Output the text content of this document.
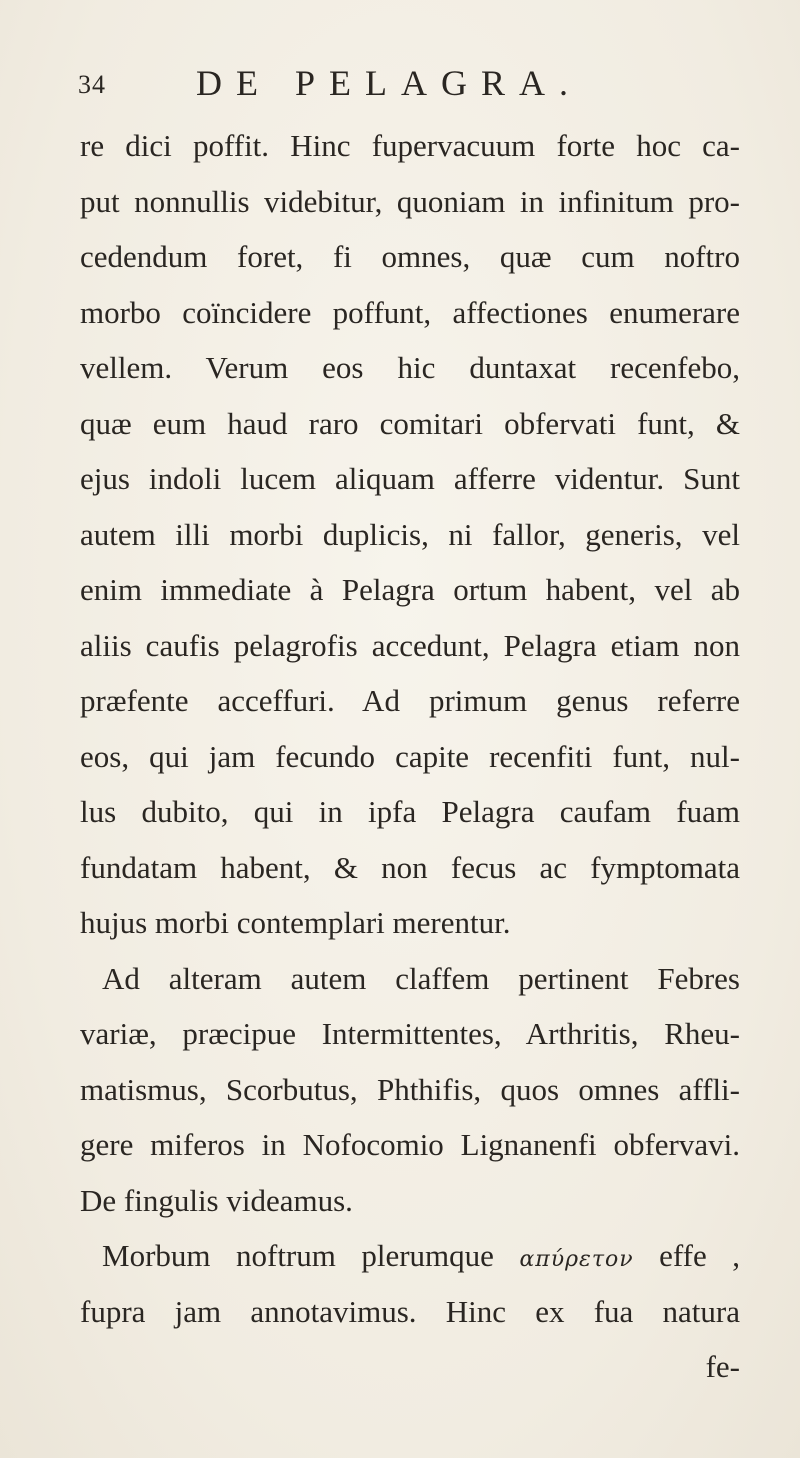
34	DE PELAGRA.
re dici poffit. Hinc fupervacuum forte hoc ca-
put nonnullis videbitur, quoniam in infinitum pro-
cedendum foret, fi omnes, quæ cum noftro
morbo coïncidere poffunt, affectiones enumerare
vellem. Verum eos hic duntaxat recenfebo,
quæ eum haud raro comitari obfervati funt, &
ejus indoli lucem aliquam afferre videntur. Sunt
autem illi morbi duplicis, ni fallor, generis, vel
enim immediate à Pelagra ortum habent, vel ab
aliis caufis pelagrofis accedunt, Pelagra etiam non
præfente acceffuri. Ad primum genus referre
eos, qui jam fecundo capite recenfiti funt, nul-
lus dubito, qui in ipfa Pelagra caufam fuam
fundatam habent, & non fecus ac fymptomata
hujus morbi contemplari merentur.
Ad alteram autem claffem pertinent Febres
variæ, præcipue Intermittentes, Arthritis, Rheu-
matismus, Scorbutus, Phthifis, quos omnes affli-
gere miferos in Nofocomio Lignanenfi obfervavi.
De fingulis videamus.
Morbum noftrum plerumque απύρετον effe ,
fupra jam annotavimus. Hinc ex fua natura
fe-
